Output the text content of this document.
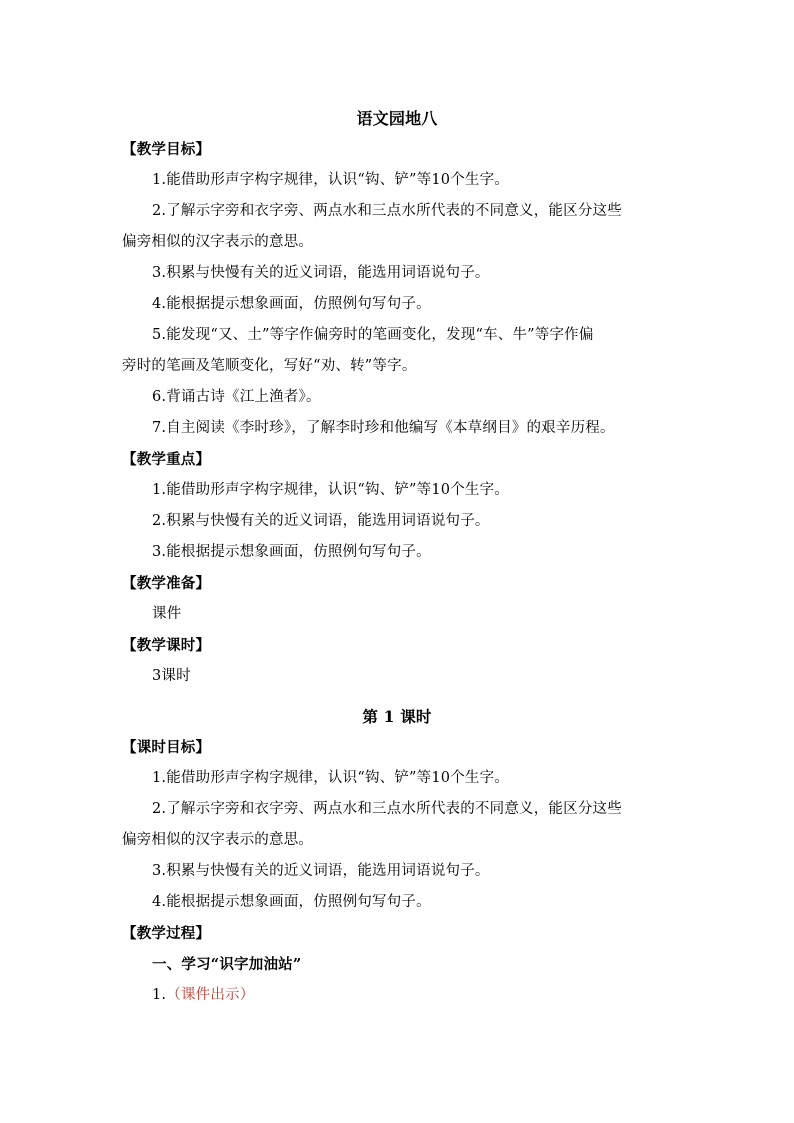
语文园地八
【教学目标】
1.能借助形声字构字规律，认识“钩、铲”等10个生字。
2.了解示字旁和衣字旁、两点水和三点水所代表的不同意义，能区分这些
偏旁相似的汉字表示的意思。
3.积累与快慢有关的近义词语，能选用词语说句子。
4.能根据提示想象画面，仿照例句写句子。
5.能发现“又、土”等字作偏旁时的笔画变化，发现“车、牛”等字作偏
旁时的笔画及笔顺变化，写好“劝、转”等字。
6.背诵古诗《江上渔者》。
7.自主阅读《李时珍》，了解李时珍和他编写《本草纲目》的艰辛历程。
【教学重点】
1.能借助形声字构字规律，认识“钩、铲”等10个生字。
2.积累与快慢有关的近义词语，能选用词语说句子。
3.能根据提示想象画面，仿照例句写句子。
【教学准备】
课件
【教学课时】
3课时
第 1 课时
【课时目标】
1.能借助形声字构字规律，认识“钩、铲”等10个生字。
2.了解示字旁和衣字旁、两点水和三点水所代表的不同意义，能区分这些
偏旁相似的汉字表示的意思。
3.积累与快慢有关的近义词语，能选用词语说句子。
4.能根据提示想象画面，仿照例句写句子。
【教学过程】
一、学习“识字加油站”
1.（课件出示）
